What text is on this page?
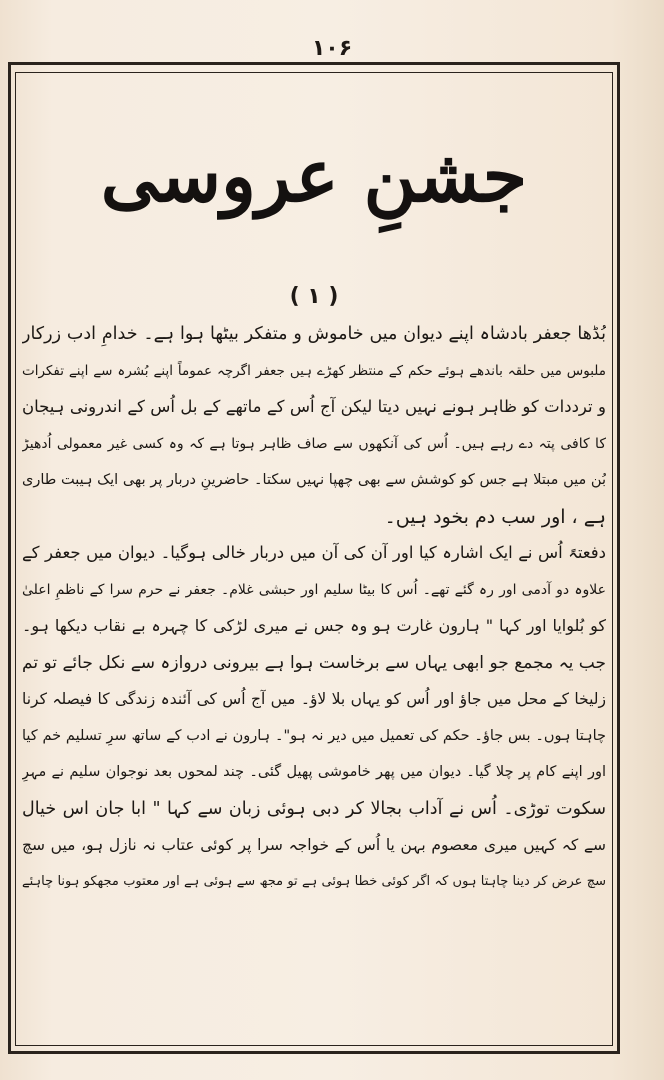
۱۰۶
جشنِ عروسی
( ۱ )
بُڈھا جعفر بادشاہ اپنے دیوان میں خاموش و متفکر بیٹھا ہوا ہے۔ خدامِ ادب زرکار
ملبوس میں حلقہ باندھے ہوئے حکم کے منتظر کھڑے ہیں جعفر اگرچہ عموماً اپنے بُشرہ سے اپنے تفکرات
و ترددات کو ظاہر ہونے نہیں دیتا لیکن آج اُس کے ماتھے کے بل اُس کے اندرونی ہیجان
کا کافی پتہ دے رہے ہیں۔ اُس کی آنکھوں سے صاف ظاہر ہوتا ہے کہ وہ کسی غیر معمولی اُدھیڑ
بُن میں مبتلا ہے جس کو کوشش سے بھی چھپا نہیں سکتا۔ حاضرینِ دربار پر بھی ایک ہیبت طاری
ہے ، اور سب دم بخود ہیں۔
دفعتہً اُس نے ایک اشارہ کیا اور آن کی آن میں دربار خالی ہوگیا۔ دیوان میں جعفر کے
علاوہ دو آدمی اور رہ گئے تھے۔ اُس کا بیٹا سلیم اور حبشی غلام۔ جعفر نے حرم سرا کے ناظمِ اعلیٰ
کو بُلوایا اور کہا " ہارون غارت ہو وہ جس نے میری لڑکی کا چہرہ بے نقاب دیکھا ہو۔
جب یہ مجمع جو ابھی یہاں سے برخاست ہوا ہے بیرونی دروازہ سے نکل جائے تو تم
زلیخا کے محل میں جاؤ اور اُس کو یہاں بلا لاؤ۔ میں آج اُس کی آئندہ زندگی کا فیصلہ کرنا
چاہتا ہوں۔ بس جاؤ۔ حکم کی تعمیل میں دیر نہ ہو"۔ ہارون نے ادب کے ساتھ سرِ تسلیم خم کیا
اور اپنے کام پر چلا گیا۔ دیوان میں پھر خاموشی پھیل گئی۔ چند لمحوں بعد نوجوان سلیم نے مہرِ
سکوت توڑی۔ اُس نے آداب بجالا کر دبی ہوئی زبان سے کہا " ابا جان اس خیال
سے کہ کہیں میری معصوم بہن یا اُس کے خواجہ سرا پر کوئی عتاب نہ نازل ہو، میں سچ
سچ عرض کر دینا چاہتا ہوں کہ اگر کوئی خطا ہوئی ہے تو مجھ سے ہوئی ہے اور معتوب مجھکو ہونا چاہئے
